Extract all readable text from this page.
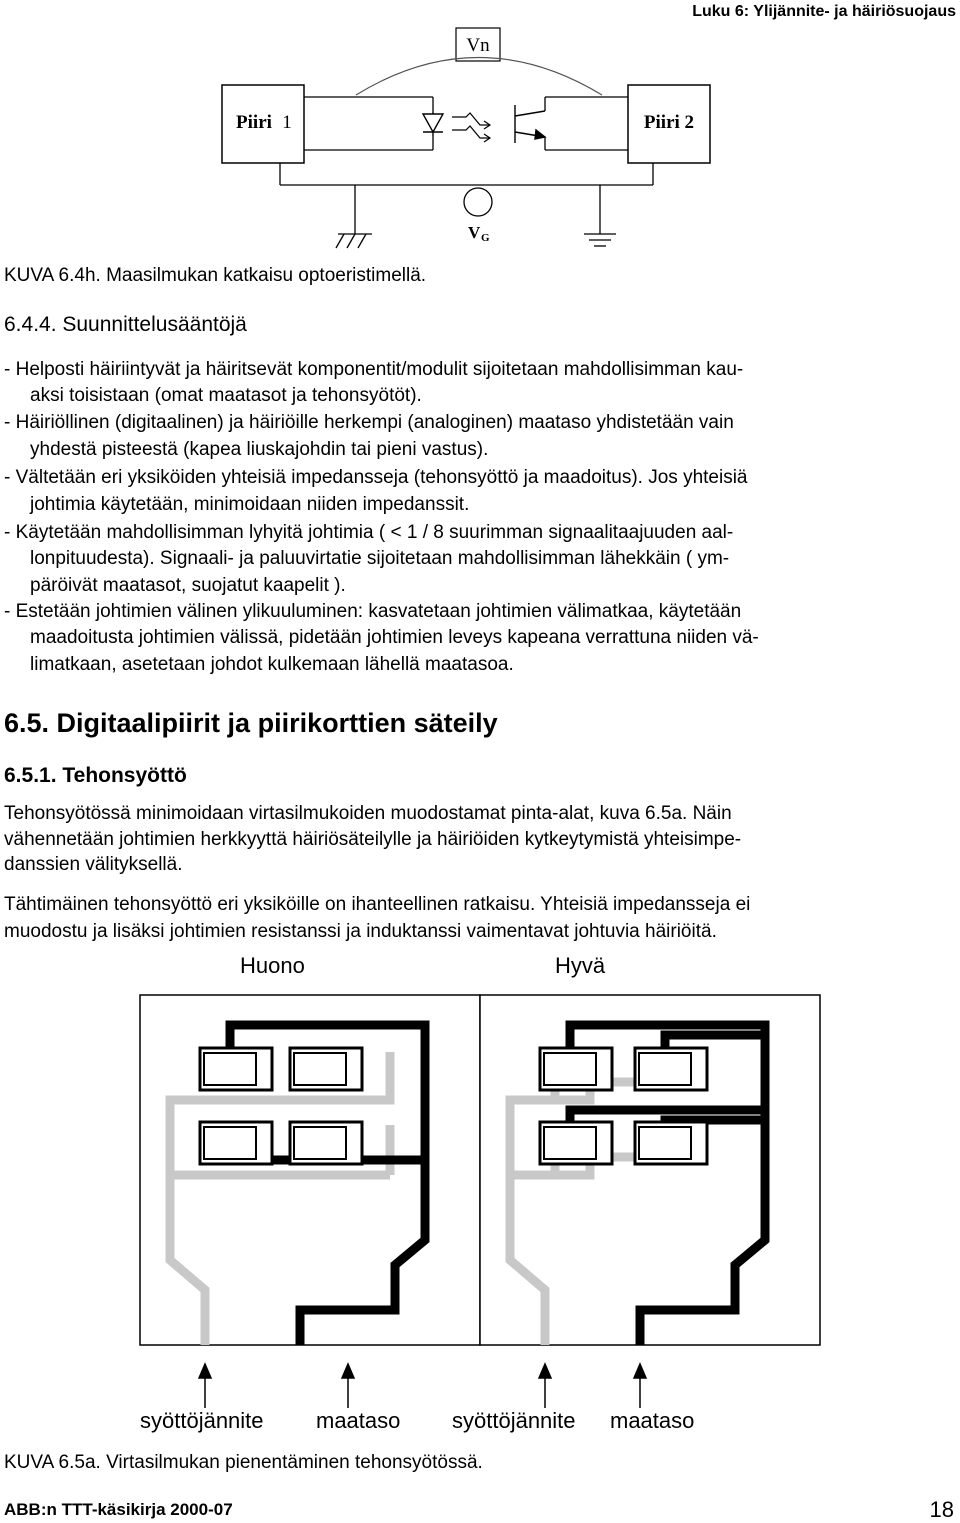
Luku 6: Ylijännite- ja häiriösuojaus
Vn
Piiri 1	Piiri 2
V G
KUVA 6.4h. Maasilmukan katkaisu optoeristimellä.
6.4.4. Suunnittelusääntöjä
- Helposti häiriintyvät ja häiritsevät komponentit/modulit sijoitetaan mahdollisimman kau-
aksi toisistaan (omat maatasot ja tehonsyötöt).
- Häiriöllinen (digitaalinen) ja häiriöille herkempi (analoginen) maataso yhdistetään vain
yhdestä pisteestä (kapea liuskajohdin tai pieni vastus).
- Vältetään eri yksiköiden yhteisiä impedansseja (tehonsyöttö ja maadoitus). Jos yhteisiä
johtimia käytetään, minimoidaan niiden impedanssit.
- Käytetään mahdollisimman lyhyitä johtimia ( < 1 / 8 suurimman signaalitaajuuden aal-
lonpituudesta). Signaali- ja paluuvirtatie sijoitetaan mahdollisimman lähekkäin ( ym-
päröivät maatasot, suojatut kaapelit ).
- Estetään johtimien välinen ylikuuluminen: kasvatetaan johtimien välimatkaa, käytetään
maadoitusta johtimien välissä, pidetään johtimien leveys kapeana verrattuna niiden vä-
limatkaan, asetetaan johdot kulkemaan lähellä maatasoa.
6.5. Digitaalipiirit ja piirikorttien säteily
6.5.1. Tehonsyöttö
Tehonsyötössä minimoidaan virtasilmukoiden muodostamat pinta-alat, kuva 6.5a. Näin
vähennetään johtimien herkkyyttä häiriösäteilylle ja häiriöiden kytkeytymistä yhteisimpe-
danssien välityksellä.
Tähtimäinen tehonsyöttö eri yksiköille on ihanteellinen ratkaisu. Yhteisiä impedansseja ei
muodostu ja lisäksi johtimien resistanssi ja induktanssi vaimentavat johtuvia häiriöitä.
Huono	Hyvä
syöttöjännite maataso syöttöjännite maataso
KUVA 6.5a. Virtasilmukan pienentäminen tehonsyötössä.
ABB:n TTT-käsikirja 2000-07	18
